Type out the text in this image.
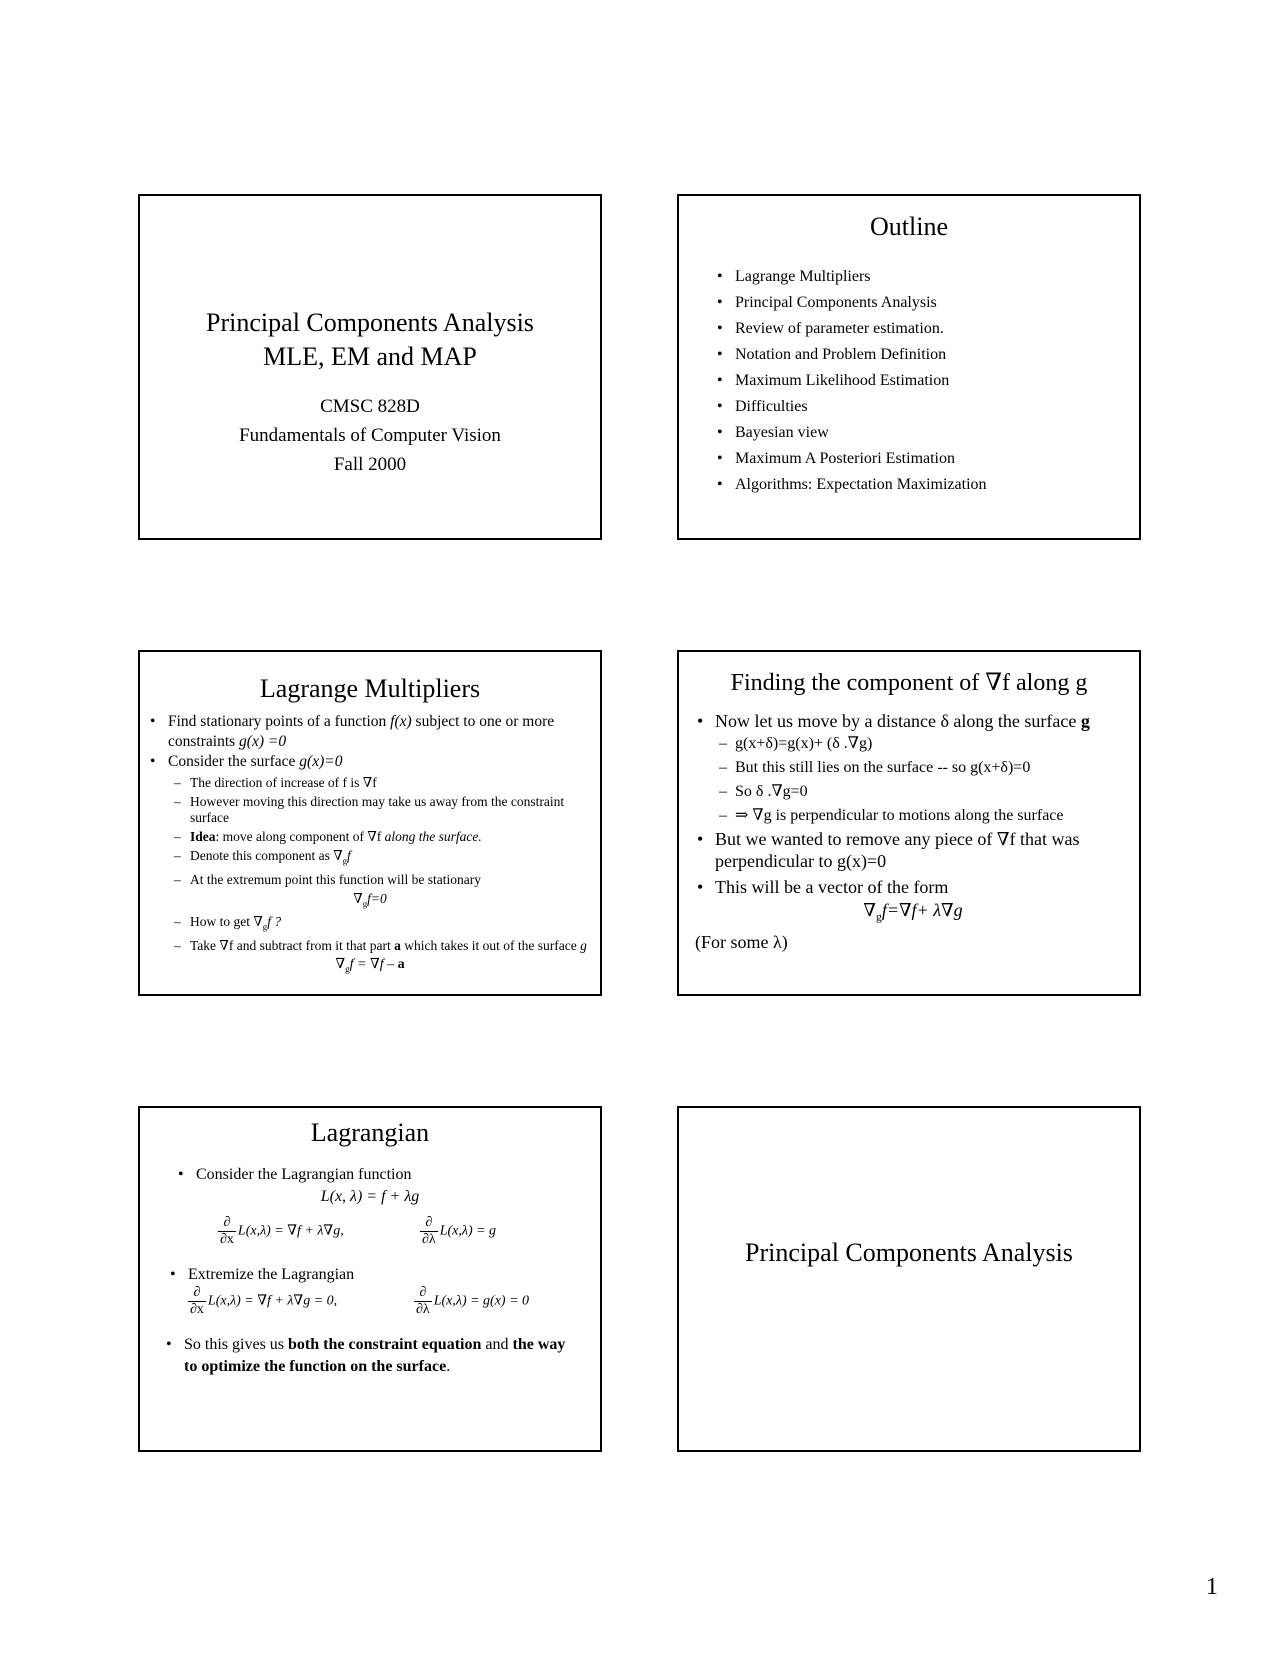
Principal Components Analysis
MLE, EM and MAP
CMSC 828D
Fundamentals of Computer Vision
Fall 2000
Outline
• Lagrange Multipliers
• Principal Components Analysis
• Review of parameter estimation.
• Notation and Problem Definition
• Maximum Likelihood Estimation
• Difficulties
• Bayesian view
• Maximum A Posteriori Estimation
• Algorithms: Expectation Maximization
Lagrange Multipliers
• Find stationary points of a function f(x) subject to one or more constraints g(x) =0
• Consider the surface g(x)=0
– The direction of increase of f is ∇f
– However moving this direction may take us away from the constraint surface
– Idea: move along component of ∇f along the surface.
– Denote this component as $\nabla_gf$
– At the extremum point this function will be stationary
$\nabla_gf=0$
– How to get $\nabla_gf$ ?
– Take ∇f and subtract from it that part a which takes it out of the surface g
$\nabla_gf = \nabla f - a$
Finding the component of ∇f along g
• Now let us move by a distance δ along the surface g
– g(x+δ)=g(x)+ (δ .∇g)
– But this still lies on the surface -- so g(x+δ)=0
– So δ .∇g=0
– ⇒ ∇g is perpendicular to motions along the surface
• But we wanted to remove any piece of ∇f that was perpendicular to g(x)=0
• This will be a vector of the form
$\nabla_gf=\nabla f+ \lambda\nabla g$
(For some λ)
Lagrangian
• Consider the Lagrangian function
L(x, λ) = f + λg
$\frac{\partial}{\partial x} L(x,\lambda) = \nabla f + \lambda\nabla g$,	$\frac{\partial}{\partial\lambda} L(x,\lambda) = g$
• Extremize the Lagrangian
$\frac{\partial}{\partial x} L(x,\lambda) = \nabla f + \lambda\nabla g = 0$,	$\frac{\partial}{\partial\lambda} L(x,\lambda) = g(x) = 0$
• So this gives us both the constraint equation and the way to optimize the function on the surface.
Principal Components Analysis
1
